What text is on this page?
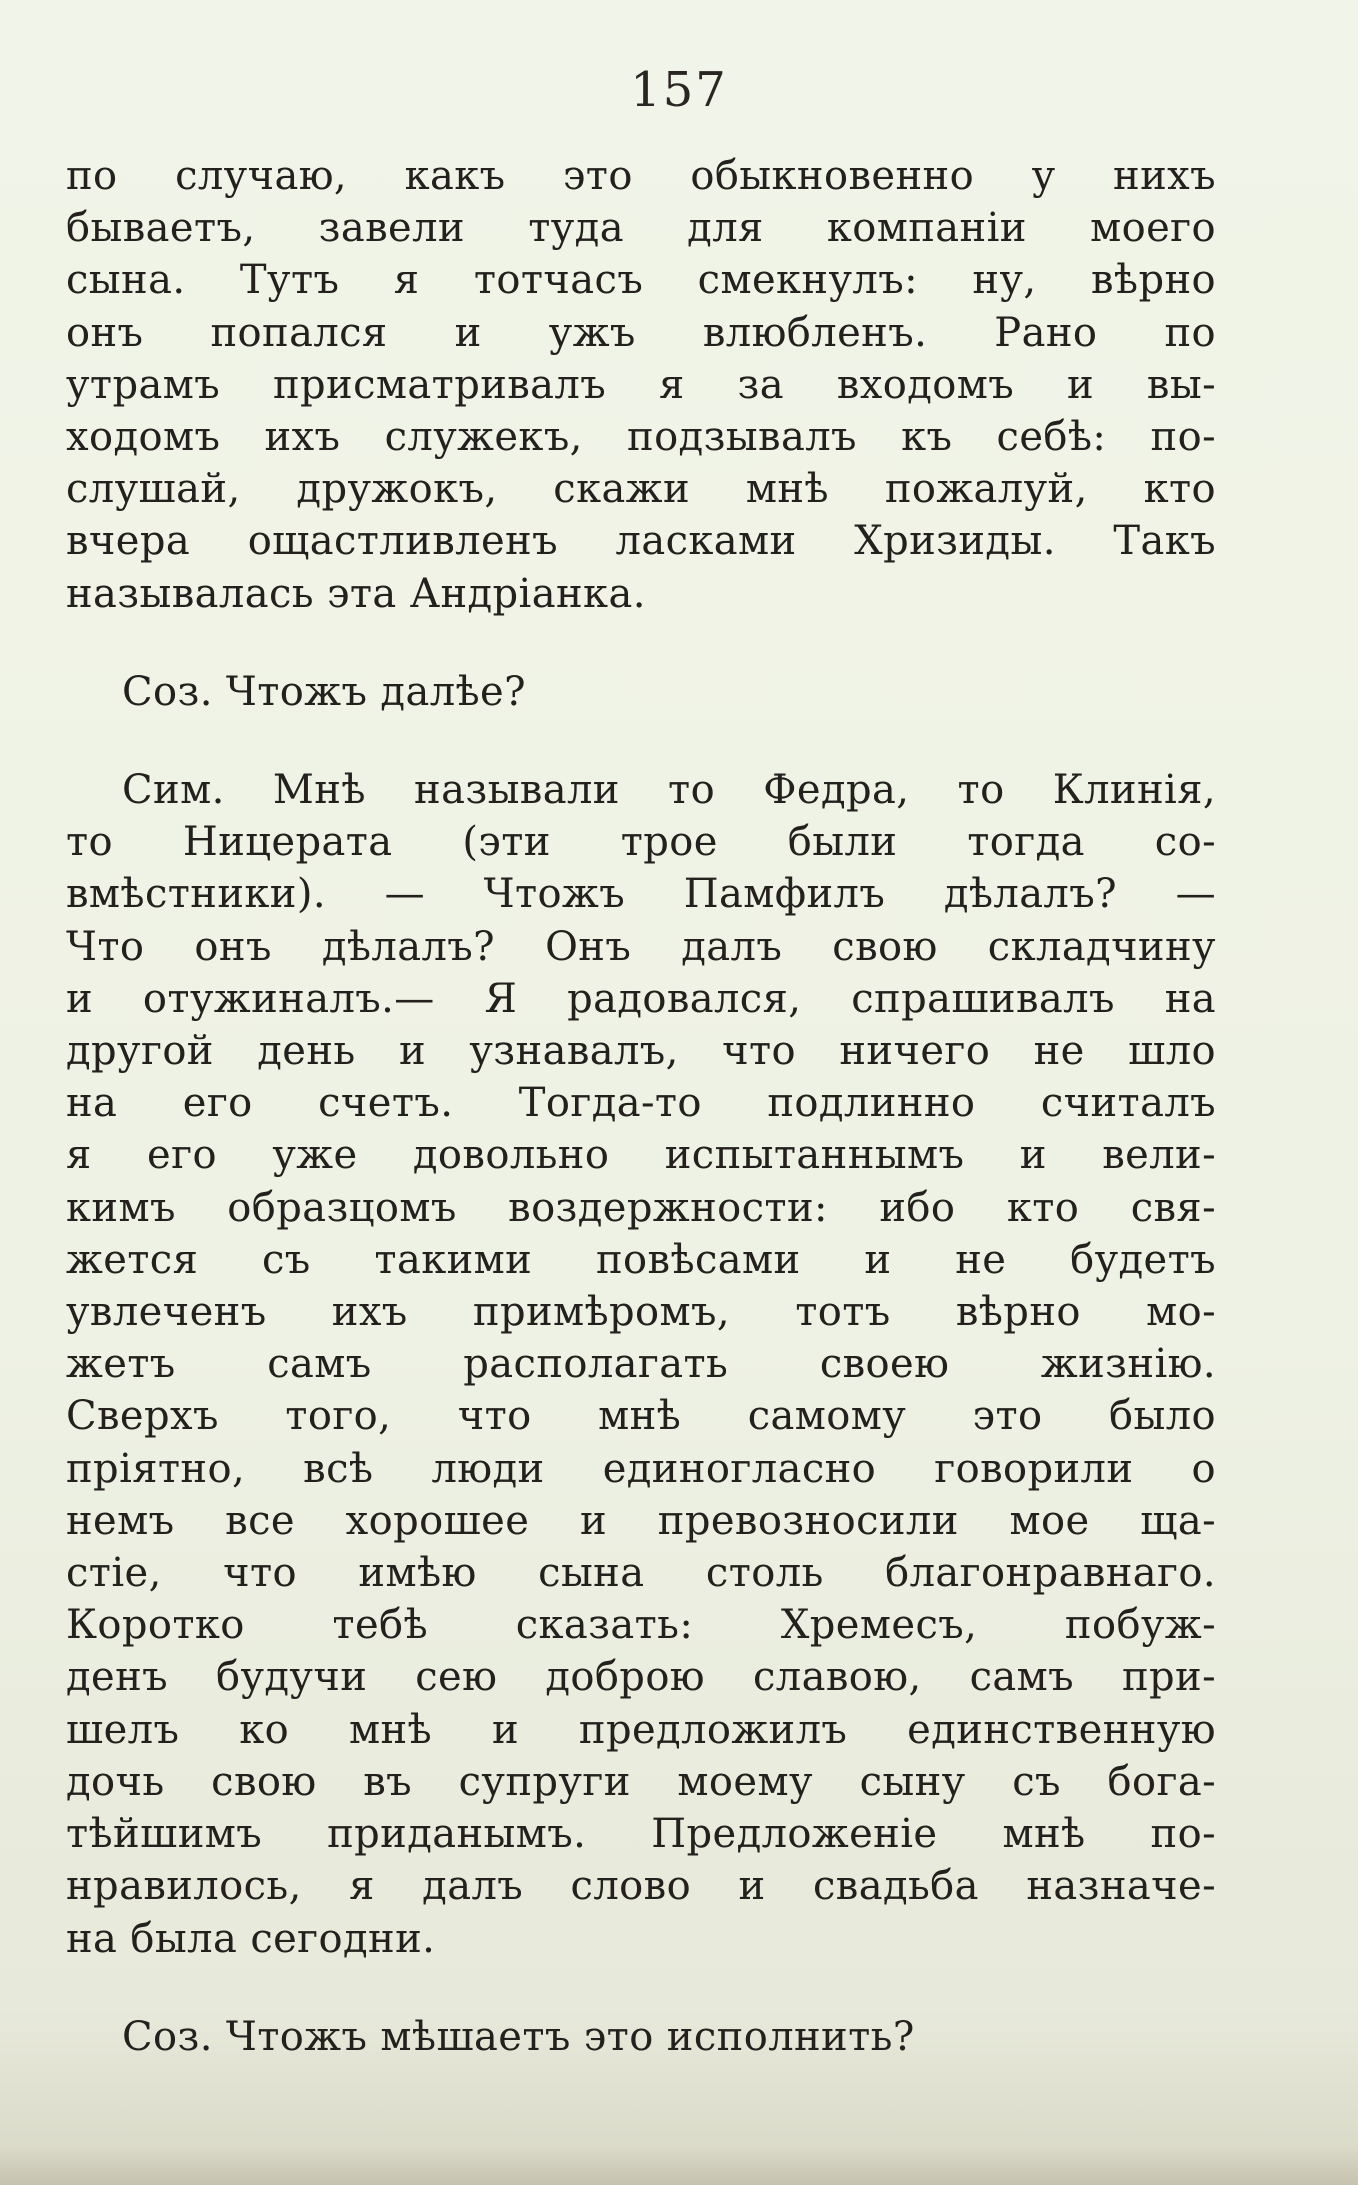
157

по случаю, какъ это обыкновенно у нихъ
бываетъ, завели туда для компаніи моего
сына. Тутъ я тотчасъ смекнулъ: ну, вѣрно
онъ попался и ужъ влюбленъ. Рано по
утрамъ присматривалъ я за входомъ и вы-
ходомъ ихъ служекъ, подзывалъ къ себѣ: по-
слушай, дружокъ, скажи мнѣ пожалуй, кто
вчера ощастливленъ ласками Хризиды. Такъ
называлась эта Андріанка.

Соз. Чтожъ далѣе?

Сим. Мнѣ называли то Федра, то Клинія,
то Ницерата (эти трое были тогда со-
вмѣстники). — Чтожъ Памфилъ дѣлалъ? —
Что онъ дѣлалъ? Онъ далъ свою складчину
и отужиналъ.— Я радовался, спрашивалъ на
другой день и узнавалъ, что ничего не шло
на его счетъ. Тогда-то подлинно считалъ
я его уже довольно испытаннымъ и вели-
кимъ образцомъ воздержности: ибо кто свя-
жется съ такими повѣсами и не будетъ
увлеченъ ихъ примѣромъ, тотъ вѣрно мо-
жетъ самъ располагать своею жизнію.
Сверхъ того, что мнѣ самому это было
пріятно, всѣ люди единогласно говорили о
немъ все хорошее и превозносили мое ща-
стіе, что имѣю сына столь благонравнаго.
Коротко тебѣ сказать: Хремесъ, побуж-
денъ будучи сею доброю славою, самъ при-
шелъ ко мнѣ и предложилъ единственную
дочь свою въ супруги моему сыну съ бога-
тѣйшимъ приданымъ. Предложеніе мнѣ по-
нравилось, я далъ слово и свадьба назначе-
на была сегодни.

Соз. Чтожъ мѣшаетъ это исполнить?
